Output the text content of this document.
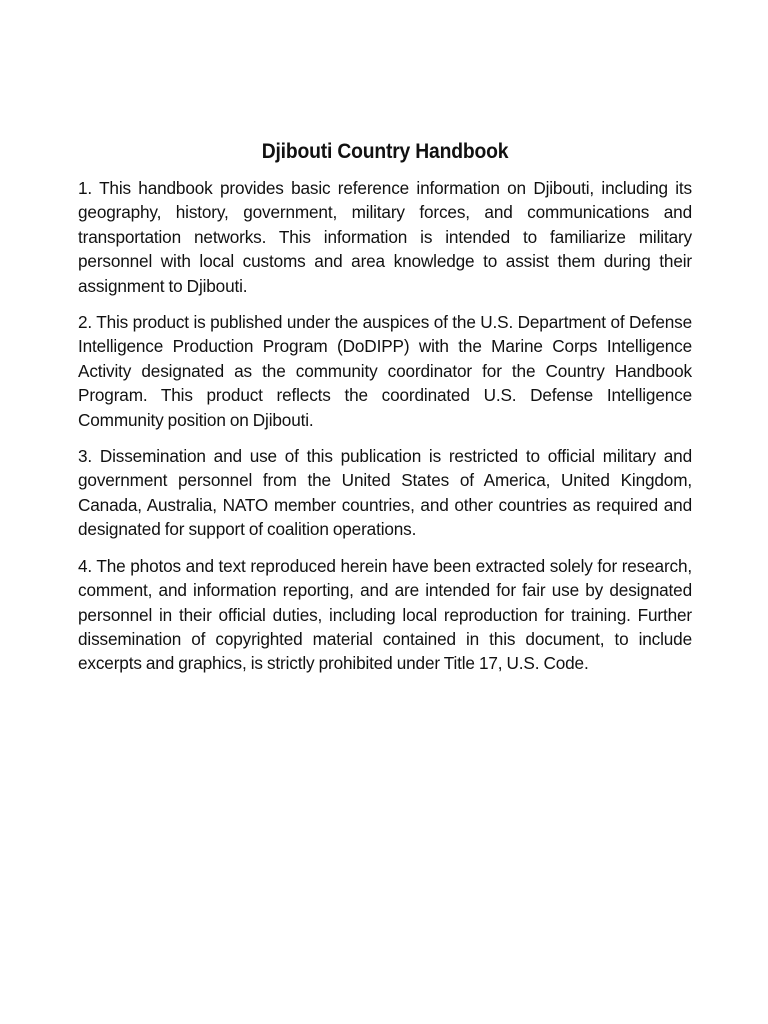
Djibouti Country Handbook

1. This handbook provides basic reference information on Djibouti, including its geography, history, government, military forces, and communications and transportation networks. This information is intended to familiarize military personnel with local customs and area knowledge to assist them during their assignment to Djibouti.

2. This product is published under the auspices of the U.S. Department of Defense Intelligence Production Program (DoDIPP) with the Marine Corps Intelligence Activity designated as the community coordinator for the Country Handbook Program. This product reflects the coordinated U.S. Defense Intelligence Community position on Djibouti.

3. Dissemination and use of this publication is restricted to official military and government personnel from the United States of America, United Kingdom, Canada, Australia, NATO member countries, and other countries as required and designated for support of coalition operations.

4. The photos and text reproduced herein have been extracted solely for research, comment, and information reporting, and are intended for fair use by designated personnel in their official duties, including local reproduction for training. Further dissemination of copyrighted material contained in this document, to include excerpts and graphics, is strictly prohibited under Title 17, U.S. Code.
